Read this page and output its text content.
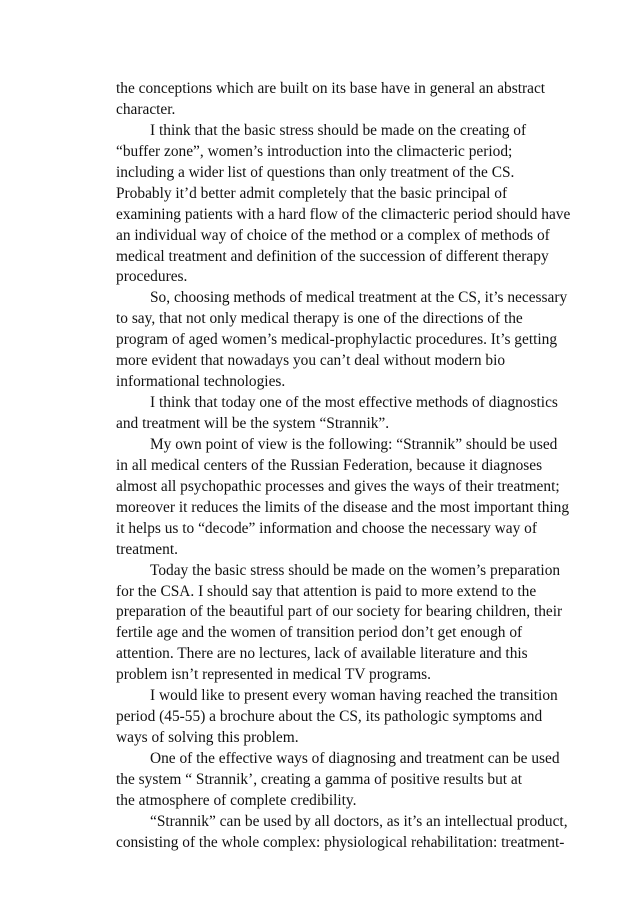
the conceptions which are built on its base have in general an abstract
character.
I think that the basic stress should be made on the creating of
“buffer zone”, women’s introduction into the climacteric period;
including a wider list of questions than only treatment of the CS.
Probably it’d better admit completely that the basic principal of
examining patients with a hard flow of the climacteric period should have
an individual way of choice of the method or a complex of methods of
medical treatment and definition of the succession of different therapy
procedures.
So, choosing methods of medical treatment at the CS, it’s necessary
to say, that not only medical therapy is one of the directions of the
program of aged women’s medical-prophylactic procedures. It’s getting
more evident that nowadays you can’t deal without modern bio
informational technologies.
I think that today one of the most effective methods of diagnostics
and treatment will be the system “Strannik”.
My own point of view is the following: “Strannik” should be used
in all medical centers of the Russian Federation, because it diagnoses
almost all psychopathic processes and gives the ways of their treatment;
moreover it reduces the limits of the disease and the most important thing
it helps us to “decode” information and choose the necessary way of
treatment.
Today the basic stress should be made on the women’s preparation
for the CSA. I should say that attention is paid to more extend to the
preparation of the beautiful part of our society for bearing children, their
fertile age and the women of transition period don’t get enough of
attention. There are no lectures, lack of available literature and this
problem isn’t represented in medical TV programs.
I would like to present every woman having reached the transition
period (45-55) a brochure about the CS, its pathologic symptoms and
ways of solving this problem.
One of the effective ways of diagnosing and treatment can be used
the system “ Strannik’, creating a gamma of positive results but at
the atmosphere of complete credibility.
“Strannik” can be used by all doctors, as it’s an intellectual product,
consisting of the whole complex: physiological rehabilitation: treatment-
